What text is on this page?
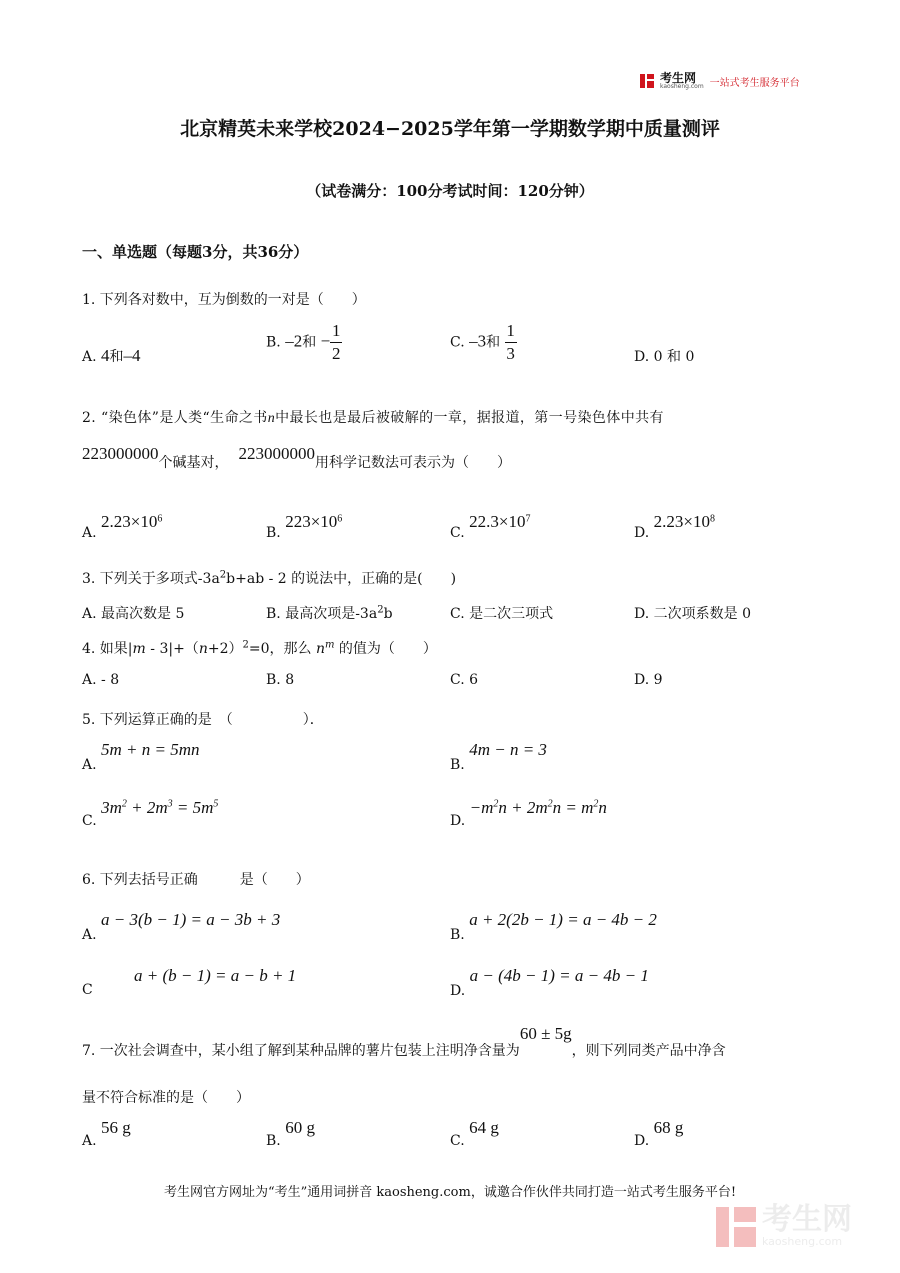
考生网
kaosheng.com 一站式考生服务平台
北京精英未来学校2024−2025学年第一学期数学期中质量测评
（试卷满分：100分考试时间：120分钟）
一、单选题（每题3分，共36分）
1. 下列各对数中，互为倒数的一对是（　　）
A. 4和–4
B. –2和 − $\frac{1}{2}$	C. –3和 $\frac{1}{3}$	D. 0 和 0
2. “染色体”是人类“生命之书n中最长也是最后被破解的一章，据报道，第一号染色体中共有
223000000个碱基对， 223000000用科学记数法可表示为（　　）
A. $2.23\times 10^6$
B. $223\times 10^6$
C. $22.3\times 10^7$
D. $2.23\times 10^8$
3. 下列关于多项式$-3a^2b+ab - 2$ 的说法中，正确的是(　　)
A. 最高次数是 5	B. 最高次项是$-3a^2b$	C. 是二次三项式	D. 二次项系数是 0
4. 如果$|m - 3|+(n+2)^2=0$，那么 $n^m$ 的值为（　　）
A. - 8	B. 8	C. 6	D. 9
5. 下列运算正确的是　（　　　　　）．
A. 5m + n = 5mn
B. 4m − n = 3
C. $3m^2 + 2m^3 = 5m^5$
D. $-m^2n + 2m^2n = m^2n$
6. 下列去括号正确　　　是（　　）
A. a − 3(b − 1) = a − 3b + 3
B. a + 2(2b − 1) = a − 4b − 2
C
a + (b − 1) = a − b + 1
D. a − (4b − 1) = a − 4b − 1
7. 一次社会调查中，某小组了解到某种品牌的薯片包装上注明净含量为60 ± 5g，则下列同类产品中净含
量不符合标准的是（　　）
A. 56 g
B. 60 g
C. 64 g
D. 68 g
考生网官方网址为“考生”通用词拼音 kaosheng.com，诚邀合作伙伴共同打造一站式考生服务平台!
考生网
kaosheng.com
